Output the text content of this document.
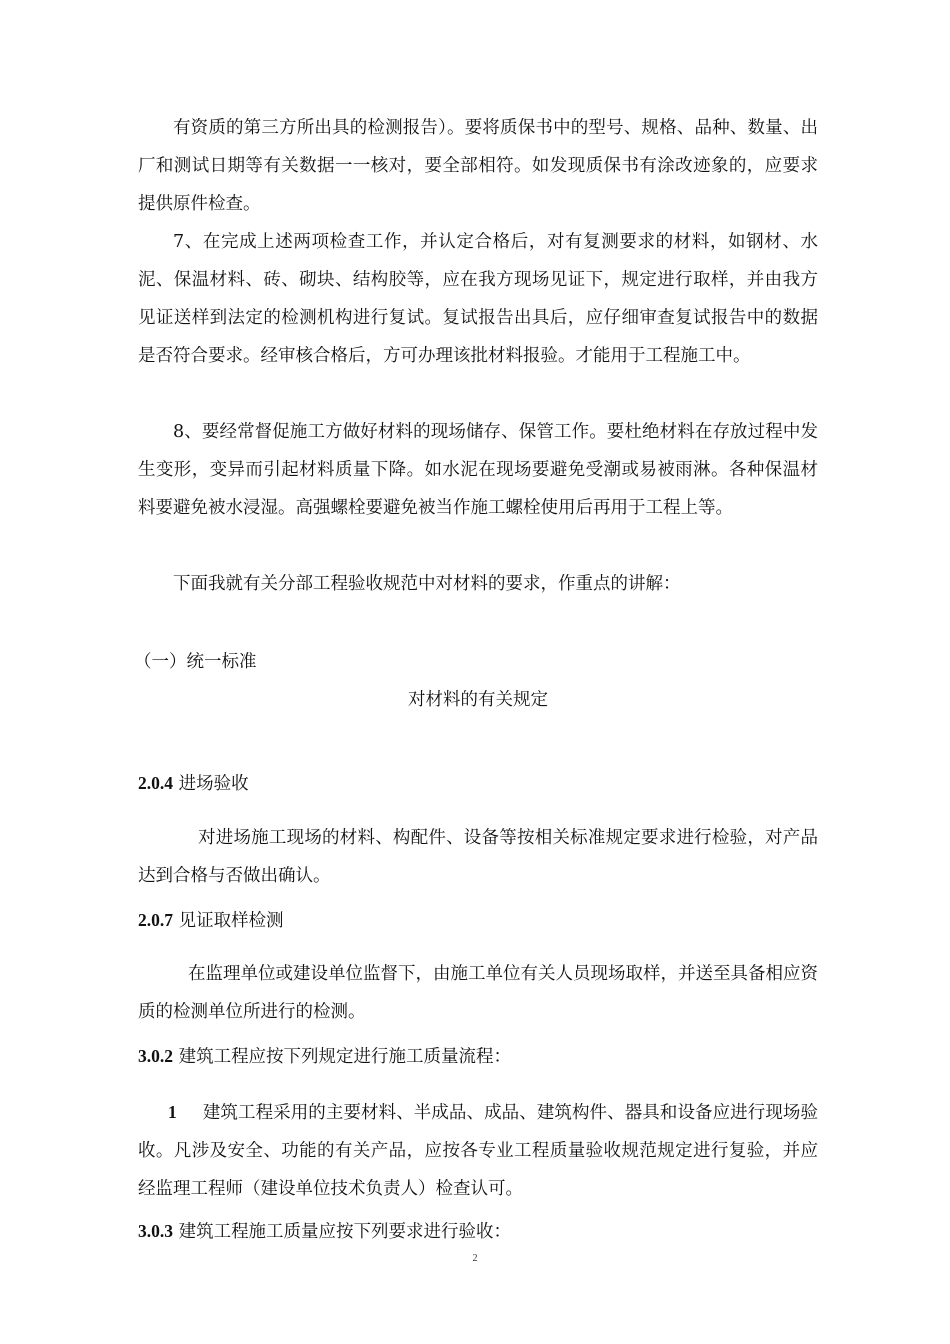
有资质的第三方所出具的检测报告）。要将质保书中的型号、规格、品种、数量、出厂和测试日期等有关数据一一核对，要全部相符。如发现质保书有涂改迹象的，应要求提供原件检查。

7、在完成上述两项检查工作，并认定合格后，对有复测要求的材料，如钢材、水泥、保温材料、砖、砌块、结构胶等，应在我方现场见证下，规定进行取样，并由我方见证送样到法定的检测机构进行复试。复试报告出具后，应仔细审查复试报告中的数据是否符合要求。经审核合格后，方可办理该批材料报验。才能用于工程施工中。

8、要经常督促施工方做好材料的现场储存、保管工作。要杜绝材料在存放过程中发生变形，变异而引起材料质量下降。如水泥在现场要避免受潮或易被雨淋。各种保温材料要避免被水浸湿。高强螺栓要避免被当作施工螺栓使用后再用于工程上等。

下面我就有关分部工程验收规范中对材料的要求，作重点的讲解：

（一）统一标准

对材料的有关规定

2.0.4 进场验收

对进场施工现场的材料、构配件、设备等按相关标准规定要求进行检验，对产品达到合格与否做出确认。

2.0.7 见证取样检测

在监理单位或建设单位监督下，由施工单位有关人员现场取样，并送至具备相应资质的检测单位所进行的检测。

3.0.2 建筑工程应按下列规定进行施工质量流程：

1 建筑工程采用的主要材料、半成品、成品、建筑构件、器具和设备应进行现场验收。凡涉及安全、功能的有关产品，应按各专业工程质量验收规范规定进行复验，并应经监理工程师（建设单位技术负责人）检查认可。

3.0.3 建筑工程施工质量应按下列要求进行验收：

2
